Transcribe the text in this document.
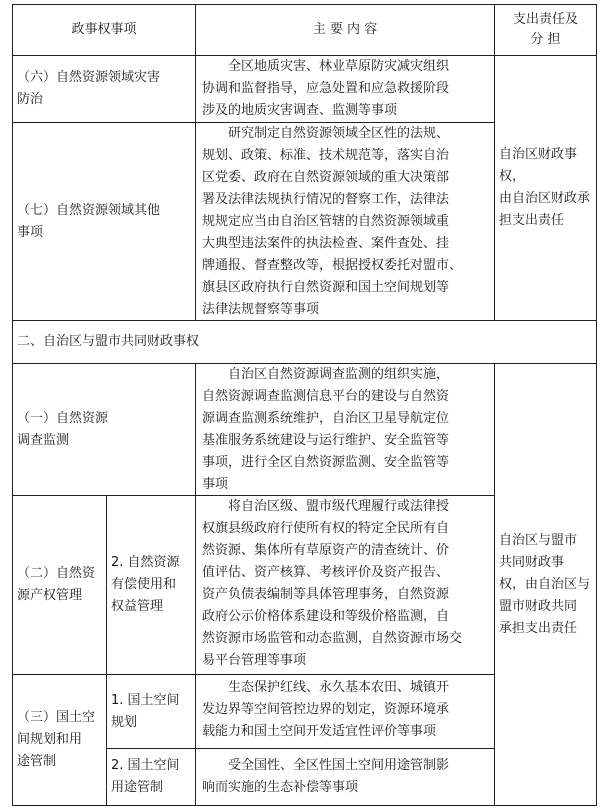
政事权事项	主 要 内 容
支出责任及
分 担
（六）自然资源领域灾害
防治
全区地质灾害、林业草原防灾减灾组织
协调和监督指导，应急处置和应急救援阶段
涉及的地质灾害调查、监测等事项
（七）自然资源领域其他
事项
研究制定自然资源领域全区性的法规、
规划、政策、标准、技术规范等，落实自治
区党委、政府在自然资源领域的重大决策部
署及法律法规执行情况的督察工作，法律法
规规定应当由自治区管辖的自然资源领域重
大典型违法案件的执法检查、案件查处、挂
牌通报、督查整改等，根据授权委托对盟市、
旗县区政府执行自然资源和国土空间规划等
法律法规督察等事项
自治区财政事权，
由自治区财政承
担支出责任
二、自治区与盟市共同财政事权
（一）自然资源
调查监测
自治区自然资源调查监测的组织实施，
自然资源调查监测信息平台的建设与自然资
源调查监测系统维护，自治区卫星导航定位
基准服务系统建设与运行维护、安全监管等
事项，进行全区自然资源监测、安全监管等
事项
（二）自然资
源产权管理
2. 自然资源
有偿使用和
权益管理
将自治区级、盟市级代理履行或法律授
权旗县级政府行使所有权的特定全民所有自
然资源、集体所有草原资产的清查统计、价
值评估、资产核算、考核评价及资产报告、
资产负债表编制等具体管理事务，自然资源
政府公示价格体系建设和等级价格监测，自
然资源市场监管和动态监测，自然资源市场交
易平台管理等事项
自治区与盟市
共同财政事
权，由自治区与
盟市财政共同
承担支出责任
（三）国土空
间规划和用
途管制
1. 国土空间
规划
生态保护红线、永久基本农田、城镇开
发边界等空间管控边界的划定，资源环境承
载能力和国土空间开发适宜性评价等事项
2. 国土空间
用途管制
受全国性、全区性国土空间用途管制影
响而实施的生态补偿等事项
